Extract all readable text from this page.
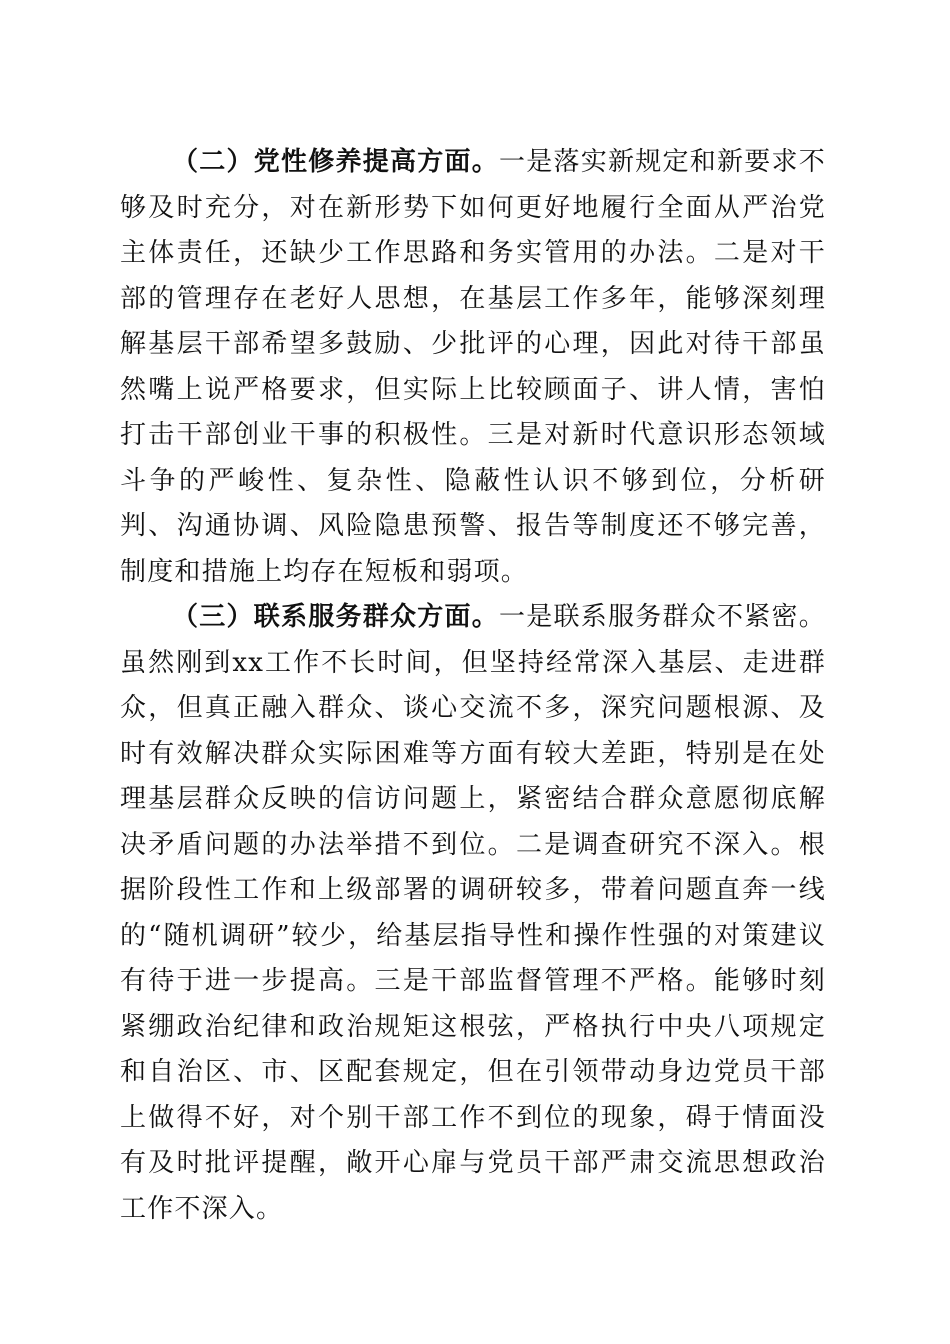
（二）党性修养提高方面。一是落实新规定和新要求不够及时充分，对在新形势下如何更好地履行全面从严治党主体责任，还缺少工作思路和务实管用的办法。二是对干部的管理存在老好人思想，在基层工作多年，能够深刻理解基层干部希望多鼓励、少批评的心理，因此对待干部虽然嘴上说严格要求，但实际上比较顾面子、讲人情，害怕打击干部创业干事的积极性。三是对新时代意识形态领域斗争的严峻性、复杂性、隐蔽性认识不够到位，分析研判、沟通协调、风险隐患预警、报告等制度还不够完善，制度和措施上均存在短板和弱项。

（三）联系服务群众方面。一是联系服务群众不紧密。虽然刚到xx工作不长时间，但坚持经常深入基层、走进群众，但真正融入群众、谈心交流不多，深究问题根源、及时有效解决群众实际困难等方面有较大差距，特别是在处理基层群众反映的信访问题上，紧密结合群众意愿彻底解决矛盾问题的办法举措不到位。二是调查研究不深入。根据阶段性工作和上级部署的调研较多，带着问题直奔一线的“随机调研”较少，给基层指导性和操作性强的对策建议有待于进一步提高。三是干部监督管理不严格。能够时刻紧绷政治纪律和政治规矩这根弦，严格执行中央八项规定和自治区、市、区配套规定，但在引领带动身边党员干部上做得不好，对个别干部工作不到位的现象，碍于情面没有及时批评提醒，敞开心扉与党员干部严肃交流思想政治工作不深入。
